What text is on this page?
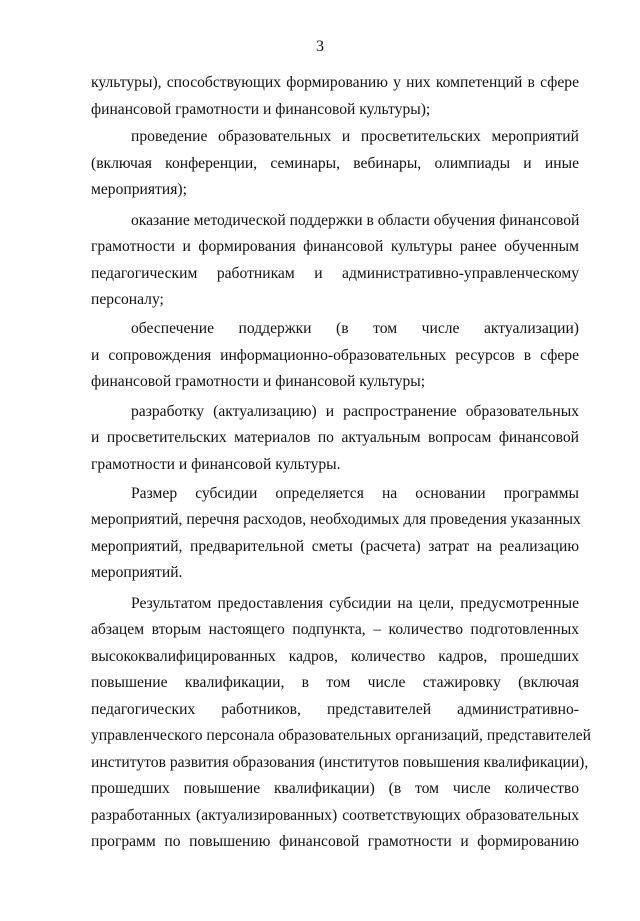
3
культуры), способствующих формированию у них компетенций в сфере
финансовой грамотности и финансовой культуры);
проведение образовательных и просветительских мероприятий
(включая конференции, семинары, вебинары, олимпиады и иные
мероприятия);
оказание методической поддержки в области обучения финансовой
грамотности и формирования финансовой культуры ранее обученным
педагогическим работникам и административно-управленческому
персоналу;
обеспечение поддержки (в том числе актуализации)
и сопровождения информационно-образовательных ресурсов в сфере
финансовой грамотности и финансовой культуры;
разработку (актуализацию) и распространение образовательных
и просветительских материалов по актуальным вопросам финансовой
грамотности и финансовой культуры.
Размер субсидии определяется на основании программы
мероприятий, перечня расходов, необходимых для проведения указанных
мероприятий, предварительной сметы (расчета) затрат на реализацию
мероприятий.
Результатом предоставления субсидии на цели, предусмотренные
абзацем вторым настоящего подпункта, – количество подготовленных
высококвалифицированных кадров, количество кадров, прошедших
повышение квалификации, в том числе стажировку (включая
педагогических работников, представителей административно-
управленческого персонала образовательных организаций, представителей
институтов развития образования (институтов повышения квалификации),
прошедших повышение квалификации) (в том числе количество
разработанных (актуализированных) соответствующих образовательных
программ по повышению финансовой грамотности и формированию
